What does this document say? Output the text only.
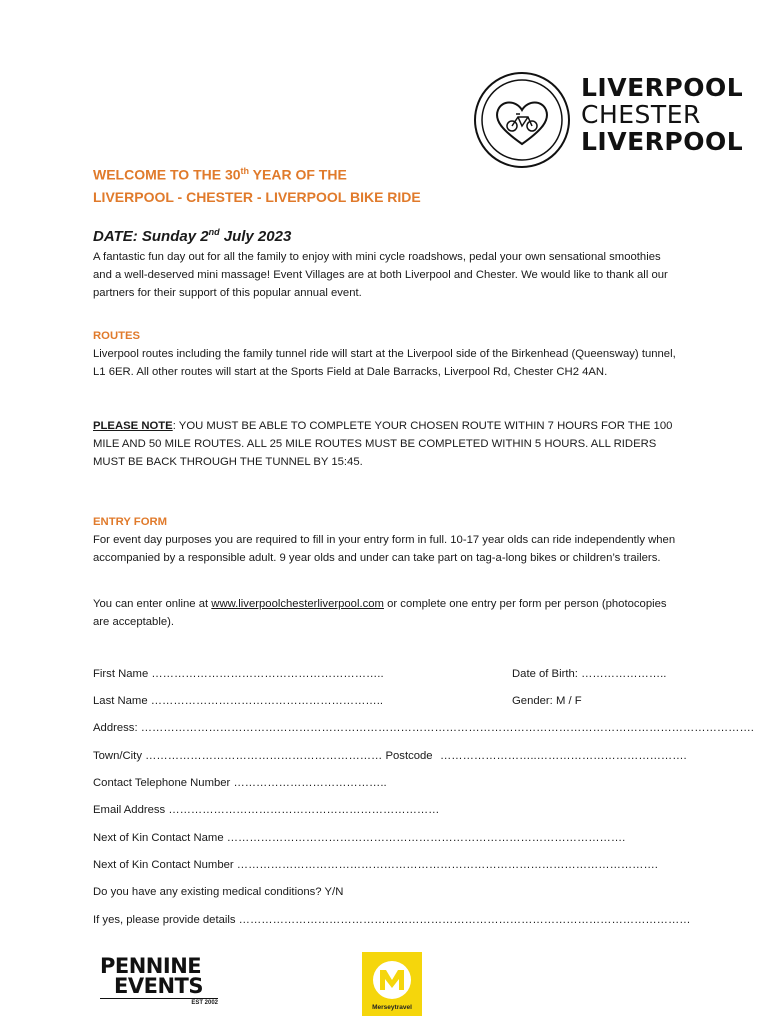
LIVERPOOL
CHESTER
LIVERPOOL
WELCOME TO THE 30th YEAR OF THE
LIVERPOOL - CHESTER - LIVERPOOL BIKE RIDE
DATE: Sunday 2nd July 2023
A fantastic fun day out for all the family to enjoy with mini cycle roadshows, pedal your own sensational smoothies and a well-deserved mini massage! Event Villages are at both Liverpool and Chester. We would like to thank all our partners for their support of this popular annual event.
ROUTES
Liverpool routes including the family tunnel ride will start at the Liverpool side of the Birkenhead (Queensway) tunnel, L1 6ER. All other routes will start at the Sports Field at Dale Barracks, Liverpool Rd, Chester CH2 4AN.
PLEASE NOTE: YOU MUST BE ABLE TO COMPLETE YOUR CHOSEN ROUTE WITHIN 7 HOURS FOR THE 100 MILE AND 50 MILE ROUTES. ALL 25 MILE ROUTES MUST BE COMPLETED WITHIN 5 HOURS. ALL RIDERS MUST BE BACK THROUGH THE TUNNEL BY 15:45.
ENTRY FORM
For event day purposes you are required to fill in your entry form in full. 10-17 year olds can ride independently when accompanied by a responsible adult. 9 year olds and under can take part on tag-a-long bikes or children’s trailers.
You can enter online at www.liverpoolchesterliverpool.com or complete one entry per form per person (photocopies are acceptable).
First Name ……………………………………………………..	Date of Birth: …………………..
Last Name ……………………………………………………..	Gender: M / F
Address: ……………………………………………………………………………………………………………………………………………….
Town/City ……………………………………………………… Postcode ……………………..………………………………….
Contact Telephone Number …………………………………..
Email Address ………………………………………………………………
Next of Kin Contact Name …………………………………………………………………………………………….
Next of Kin Contact Number ………………………………………………………………………………………………….
Do you have any existing medical conditions? Y/N
If yes, please provide details …………………………………………………………………………………………………………
PENNINE
EVENTS
EST 2002
Merseytravel
